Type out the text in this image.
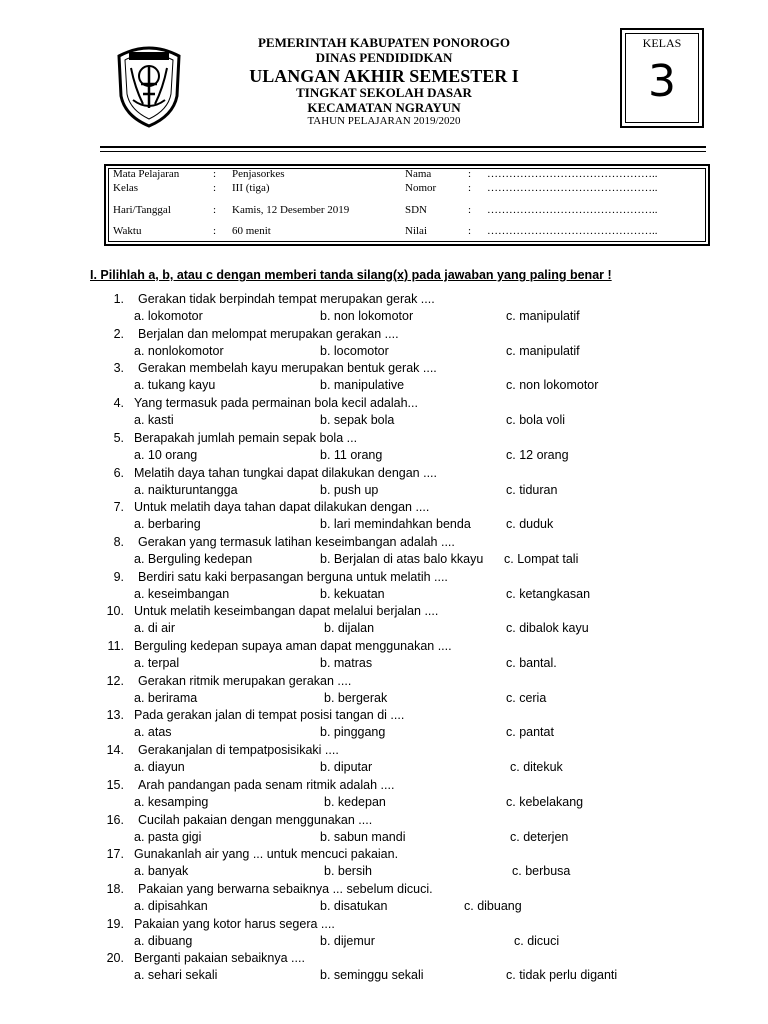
PEMERINTAH KABUPATEN PONOROGO
DINAS PENDIDIDKAN
ULANGAN AKHIR SEMESTER I
TINGKAT SEKOLAH DASAR
KECAMATAN NGRAYUN
TAHUN PELAJARAN 2019/2020
KELAS
3
Mata Pelajaran	: Penjasorkes	Nama	: ………………………………………..
Kelas	: III (tiga)	Nomor	: ………………………………………..
Hari/Tanggal	: Kamis, 12 Desember 2019	SDN	: ………………………………………..
Waktu	: 60 menit	Nilai	: ………………………………………..
I. Pilihlah a, b, atau c dengan memberi tanda silang(x) pada jawaban yang paling benar !
1. Gerakan tidak berpindah tempat merupakan gerak ....
a. lokomotor	b. non lokomotor	c. manipulatif
2. Berjalan dan melompat merupakan gerakan ....
a. nonlokomotor	b. locomotor	c. manipulatif
3. Gerakan membelah kayu merupakan bentuk gerak ....
a. tukang kayu	b. manipulative	c. non lokomotor
4. Yang termasuk pada permainan bola kecil adalah...
a. kasti	b. sepak bola	c. bola voli
5. Berapakah jumlah pemain sepak bola ...
a. 10 orang	b. 11 orang	c. 12 orang
6. Melatih daya tahan tungkai dapat dilakukan dengan ....
a. naikturuntangga	b. push up	c. tiduran
7. Untuk melatih daya tahan dapat dilakukan dengan ....
a. berbaring	b. lari memindahkan benda	c. duduk
8. Gerakan yang termasuk latihan keseimbangan adalah ....
a. Berguling kedepan	b. Berjalan di atas balo kkayu c. Lompat tali
9. Berdiri satu kaki berpasangan berguna untuk melatih ....
a. keseimbangan	b. kekuatan	c. ketangkasan
10. Untuk melatih keseimbangan dapat melalui berjalan ....
a. di air	b. dijalan	c. dibalok kayu
11. Berguling kedepan supaya aman dapat menggunakan ....
a. terpal	b. matras	c. bantal.
12. Gerakan ritmik merupakan gerakan ....
a. berirama	b. bergerak	c. ceria
13. Pada gerakan jalan di tempat posisi tangan di ....
a. atas	b. pinggang	c. pantat
14. Gerakanjalan di tempatposisikaki ....
a. diayun	b. diputar	c. ditekuk
15. Arah pandangan pada senam ritmik adalah ....
a. kesamping	b. kedepan	c. kebelakang
16. Cucilah pakaian dengan menggunakan ....
a. pasta gigi	b. sabun mandi	c. deterjen
17. Gunakanlah air yang ... untuk mencuci pakaian.
a. banyak	b. bersih	c. berbusa
18. Pakaian yang berwarna sebaiknya ... sebelum dicuci.
a. dipisahkan	b. disatukan	c. dibuang
19. Pakaian yang kotor harus segera ....
a. dibuang	b. dijemur	c. dicuci
20. Berganti pakaian sebaiknya ....
a. sehari sekali	b. seminggu sekali	c. tidak perlu diganti
